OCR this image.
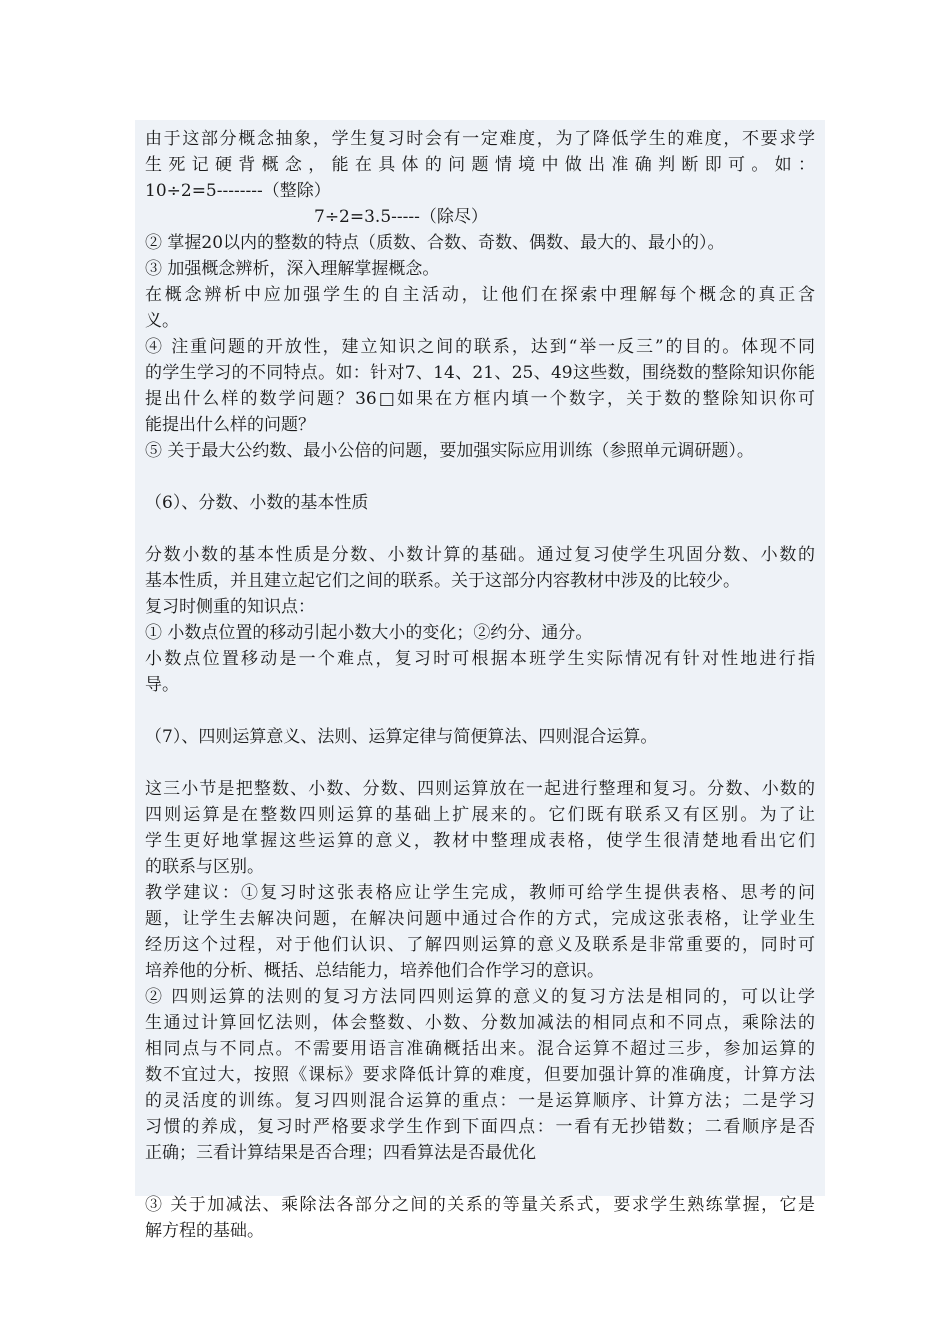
由于这部分概念抽象，学生复习时会有一定难度，为了降低学生的难度，不要求学
生死记硬背概念，能在具体的问题情境中做出准确判断即可。如：
10÷2=5--------（整除）
7÷2=3.5-----（除尽）
② 掌握20以内的整数的特点（质数、合数、奇数、偶数、最大的、最小的）。
③ 加强概念辨析，深入理解掌握概念。
在概念辨析中应加强学生的自主活动，让他们在探索中理解每个概念的真正含
义。
④ 注重问题的开放性，建立知识之间的联系，达到“举一反三”的目的。体现不同
的学生学习的不同特点。如：针对7、14、21、25、49这些数，围绕数的整除知识你能
提出什么样的数学问题？36□如果在方框内填一个数字，关于数的整除知识你可
能提出什么样的问题？
⑤ 关于最大公约数、最小公倍的问题，要加强实际应用训练（参照单元调研题）。
（6）、分数、小数的基本性质
分数小数的基本性质是分数、小数计算的基础。通过复习使学生巩固分数、小数的
基本性质，并且建立起它们之间的联系。关于这部分内容教材中涉及的比较少。
复习时侧重的知识点：
① 小数点位置的移动引起小数大小的变化；②约分、通分。
小数点位置移动是一个难点，复习时可根据本班学生实际情况有针对性地进行指
导。
（7）、四则运算意义、法则、运算定律与简便算法、四则混合运算。
这三小节是把整数、小数、分数、四则运算放在一起进行整理和复习。分数、小数的
四则运算是在整数四则运算的基础上扩展来的。它们既有联系又有区别。为了让
学生更好地掌握这些运算的意义，教材中整理成表格，使学生很清楚地看出它们
的联系与区别。
教学建议：①复习时这张表格应让学生完成，教师可给学生提供表格、思考的问
题，让学生去解决问题，在解决问题中通过合作的方式，完成这张表格，让学业生
经历这个过程，对于他们认识、了解四则运算的意义及联系是非常重要的，同时可
培养他的分析、概括、总结能力，培养他们合作学习的意识。
② 四则运算的法则的复习方法同四则运算的意义的复习方法是相同的，可以让学
生通过计算回忆法则，体会整数、小数、分数加减法的相同点和不同点，乘除法的
相同点与不同点。不需要用语言准确概括出来。混合运算不超过三步，参加运算的
数不宜过大，按照《课标》要求降低计算的难度，但要加强计算的准确度，计算方法
的灵活度的训练。复习四则混合运算的重点：一是运算顺序、计算方法；二是学习
习惯的养成，复习时严格要求学生作到下面四点：一看有无抄错数；二看顺序是否
正确；三看计算结果是否合理；四看算法是否最优化
③ 关于加减法、乘除法各部分之间的关系的等量关系式，要求学生熟练掌握，它是
解方程的基础。
